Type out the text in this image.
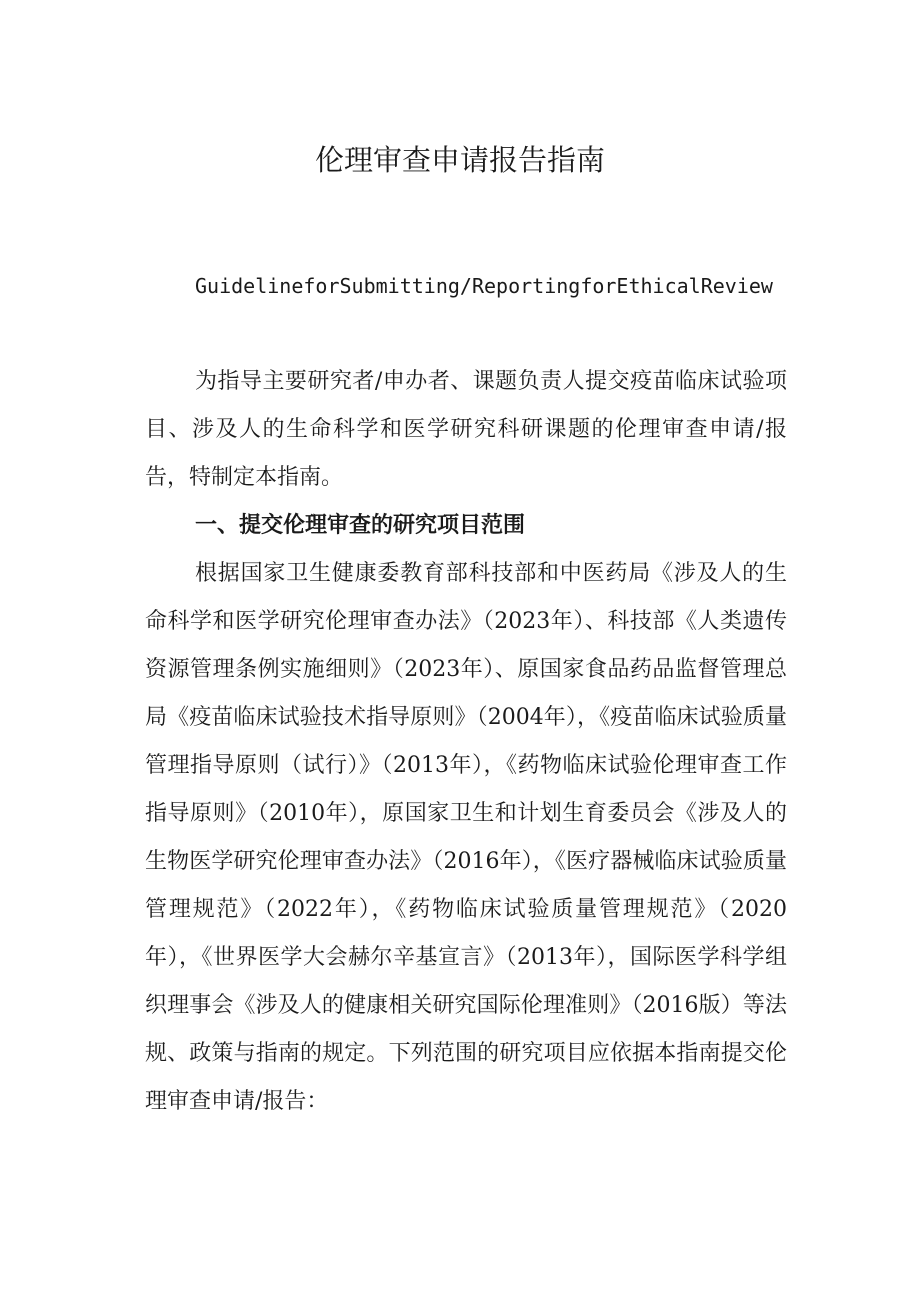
伦理审查申请报告指南
GuidelineforSubmitting/ReportingforEthicalReview
为指导主要研究者/申办者、课题负责人提交疫苗临床试验项目、涉及人的生命科学和医学研究科研课题的伦理审查申请/报告，特制定本指南。
一、提交伦理审查的研究项目范围
根据国家卫生健康委教育部科技部和中医药局《涉及人的生命科学和医学研究伦理审查办法》（2023年）、科技部《人类遗传资源管理条例实施细则》（2023年）、原国家食品药品监督管理总局《疫苗临床试验技术指导原则》（2004年），《疫苗临床试验质量管理指导原则（试行）》（2013年），《药物临床试验伦理审查工作指导原则》（2010年），原国家卫生和计划生育委员会《涉及人的生物医学研究伦理审查办法》（2016年），《医疗器械临床试验质量管理规范》（2022年），《药物临床试验质量管理规范》（2020年），《世界医学大会赫尔辛基宣言》（2013年），国际医学科学组织理事会《涉及人的健康相关研究国际伦理准则》（2016版）等法规、政策与指南的规定。下列范围的研究项目应依据本指南提交伦理审查申请/报告：
